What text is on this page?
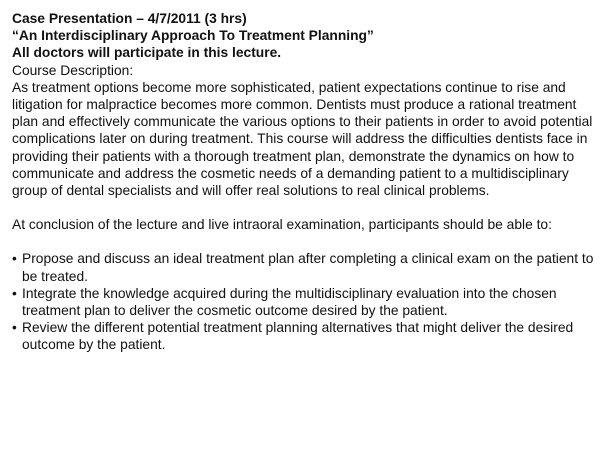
Case Presentation – 4/7/2011 (3 hrs)

“An Interdisciplinary Approach To Treatment Planning”

All doctors will participate in this lecture.

Course Description:

As treatment options become more sophisticated, patient expectations continue to rise and litigation for malpractice becomes more common. Dentists must produce a rational treatment plan and effectively communicate the various options to their patients in order to avoid potential complications later on during treatment. This course will address the difficulties dentists face in providing their patients with a thorough treatment plan, demonstrate the dynamics on how to communicate and address the cosmetic needs of a demanding patient to a multidisciplinary group of dental specialists and will offer real solutions to real clinical problems.

At conclusion of the lecture and live intraoral examination, participants should be able to:

• Propose and discuss an ideal treatment plan after completing a clinical exam on the patient to be treated.
• Integrate the knowledge acquired during the multidisciplinary evaluation into the chosen treatment plan to deliver the cosmetic outcome desired by the patient.
• Review the different potential treatment planning alternatives that might deliver the desired outcome by the patient.
